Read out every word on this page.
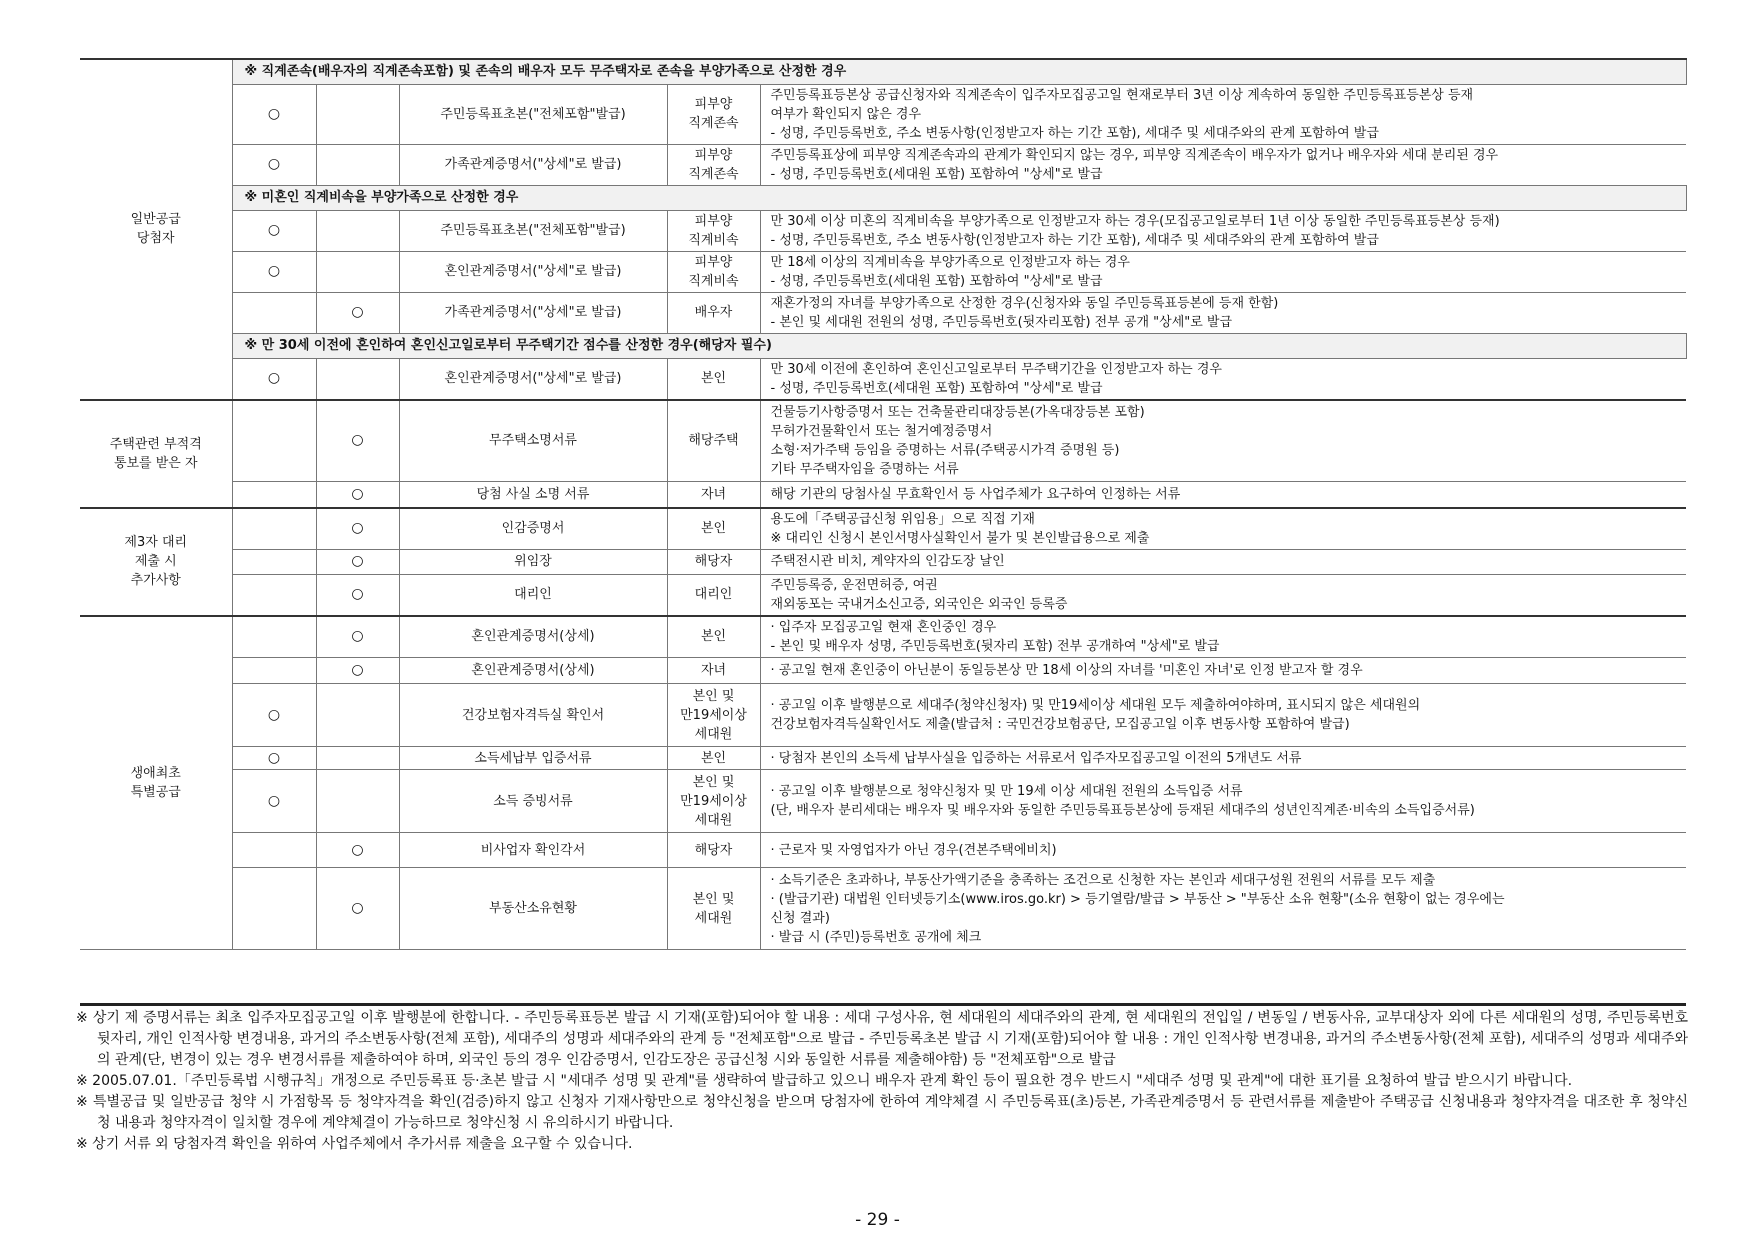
일반공급
당첨자	※ 직계존속(배우자의 직계존속포함) 및 존속의 배우자 모두 무주택자로 존속을 부양가족으로 산정한 경우				
	○		주민등록표초본("전체포함"발급)	피부양
직계존속	주민등록표등본상 공급신청자와 직계존속이 입주자모집공고일 현재로부터 3년 이상 계속하여 동일한 주민등록표등본상 등재
여부가 확인되지 않은 경우
- 성명, 주민등록번호, 주소 변동사항(인정받고자 하는 기간 포함), 세대주 및 세대주와의 관계 포함하여 발급
	○		가족관계증명서("상세"로 발급)	피부양
직계존속	주민등록표상에 피부양 직계존속과의 관계가 확인되지 않는 경우, 피부양 직계존속이 배우자가 없거나 배우자와 세대 분리된 경우
- 성명, 주민등록번호(세대원 포함) 포함하여 "상세"로 발급
	※ 미혼인 직계비속을 부양가족으로 산정한 경우				
	○		주민등록표초본("전체포함"발급)	피부양
직계비속	만 30세 이상 미혼의 직계비속을 부양가족으로 인정받고자 하는 경우(모집공고일로부터 1년 이상 동일한 주민등록표등본상 등재)
- 성명, 주민등록번호, 주소 변동사항(인정받고자 하는 기간 포함), 세대주 및 세대주와의 관계 포함하여 발급
	○		혼인관계증명서("상세"로 발급)	피부양
직계비속	만 18세 이상의 직계비속을 부양가족으로 인정받고자 하는 경우
- 성명, 주민등록번호(세대원 포함) 포함하여 "상세"로 발급
		○	가족관계증명서("상세"로 발급)	배우자	재혼가정의 자녀를 부양가족으로 산정한 경우(신청자와 동일 주민등록표등본에 등재 한함)
- 본인 및 세대원 전원의 성명, 주민등록번호(뒷자리포함) 전부 공개 "상세"로 발급
	※ 만 30세 이전에 혼인하여 혼인신고일로부터 무주택기간 점수를 산정한 경우(해당자 필수)				
	○		혼인관계증명서("상세"로 발급)	본인	만 30세 이전에 혼인하여 혼인신고일로부터 무주택기간을 인정받고자 하는 경우
- 성명, 주민등록번호(세대원 포함) 포함하여 "상세"로 발급
주택관련 부적격
통보를 받은 자		○	무주택소명서류	해당주택	건물등기사항증명서 또는 건축물관리대장등본(가옥대장등본 포함)
무허가건물확인서 또는 철거예정증명서
소형·저가주택 등임을 증명하는 서류(주택공시가격 증명원 등)
기타 무주택자임을 증명하는 서류
		○	당첨 사실 소명 서류	자녀	해당 기관의 당첨사실 무효확인서 등 사업주체가 요구하여 인정하는 서류
제3자 대리
제출 시
추가사항		○	인감증명서	본인	용도에「주택공급신청 위임용」으로 직접 기재
※ 대리인 신청시 본인서명사실확인서 불가 및 본인발급용으로 제출
		○	위임장	해당자	주택전시관 비치, 계약자의 인감도장 날인
		○	대리인	대리인	주민등록증, 운전면허증, 여권
재외동포는 국내거소신고증, 외국인은 외국인 등록증
생애최초
특별공급		○	혼인관계증명서(상세)	본인	· 입주자 모집공고일 현재 혼인중인 경우
- 본인 및 배우자 성명, 주민등록번호(뒷자리 포함) 전부 공개하여 "상세"로 발급
		○	혼인관계증명서(상세)	자녀	· 공고일 현재 혼인중이 아닌분이 동일등본상 만 18세 이상의 자녀를 '미혼인 자녀'로 인정 받고자 할 경우
	○		건강보험자격득실 확인서	본인 및
만19세이상
세대원	· 공고일 이후 발행분으로 세대주(청약신청자) 및 만19세이상 세대원 모두 제출하여야하며, 표시되지 않은 세대원의
건강보험자격득실확인서도 제출(발급처 : 국민건강보험공단, 모집공고일 이후 변동사항 포함하여 발급)
	○		소득세납부 입증서류	본인	· 당첨자 본인의 소득세 납부사실을 입증하는 서류로서 입주자모집공고일 이전의 5개년도 서류
	○		소득 증빙서류	본인 및
만19세이상
세대원	· 공고일 이후 발행분으로 청약신청자 및 만 19세 이상 세대원 전원의 소득입증 서류
(단, 배우자 분리세대는 배우자 및 배우자와 동일한 주민등록표등본상에 등재된 세대주의 성년인직계존·비속의 소득입증서류)
		○	비사업자 확인각서	해당자	· 근로자 및 자영업자가 아닌 경우(견본주택에비치)
		○	부동산소유현황	본인 및
세대원	· 소득기준은 초과하나, 부동산가액기준을 충족하는 조건으로 신청한 자는 본인과 세대구성원 전원의 서류를 모두 제출
· (발급기관) 대법원 인터넷등기소(www.iros.go.kr) > 등기열람/발급 > 부동산 > "부동산 소유 현황"(소유 현황이 없는 경우에는
신청 결과)
· 발급 시 (주민)등록번호 공개에 체크
※ 상기 제 증명서류는 최초 입주자모집공고일 이후 발행분에 한합니다. - 주민등록표등본 발급 시 기재(포함)되어야 할 내용 : 세대 구성사유, 현 세대원의 세대주와의 관계, 현 세대원의 전입일 / 변동일 / 변동사유, 교부대상자 외에 다른 세대원의 성명, 주민등록번호 뒷자리, 개인 인적사항 변경내용, 과거의 주소변동사항(전체 포함), 세대주의 성명과 세대주와의 관계 등 "전체포함"으로 발급 - 주민등록초본 발급 시 기재(포함)되어야 할 내용 : 개인 인적사항 변경내용, 과거의 주소변동사항(전체 포함), 세대주의 성명과 세대주와의 관계(단, 변경이 있는 경우 변경서류를 제출하여야 하며, 외국인 등의 경우 인감증명서, 인감도장은 공급신청 시와 동일한 서류를 제출해야함) 등 "전체포함"으로 발급
※ 2005.07.01.「주민등록법 시행규칙」개정으로 주민등록표 등·초본 발급 시 "세대주 성명 및 관계"를 생략하여 발급하고 있으니 배우자 관계 확인 등이 필요한 경우 반드시 "세대주 성명 및 관계"에 대한 표기를 요청하여 발급 받으시기 바랍니다.
※ 특별공급 및 일반공급 청약 시 가점항목 등 청약자격을 확인(검증)하지 않고 신청자 기재사항만으로 청약신청을 받으며 당첨자에 한하여 계약체결 시 주민등록표(초)등본, 가족관계증명서 등 관련서류를 제출받아 주택공급 신청내용과 청약자격을 대조한 후 청약신청 내용과 청약자격이 일치할 경우에 계약체결이 가능하므로 청약신청 시 유의하시기 바랍니다.
※ 상기 서류 외 당첨자격 확인을 위하여 사업주체에서 추가서류 제출을 요구할 수 있습니다.
- 29 -
